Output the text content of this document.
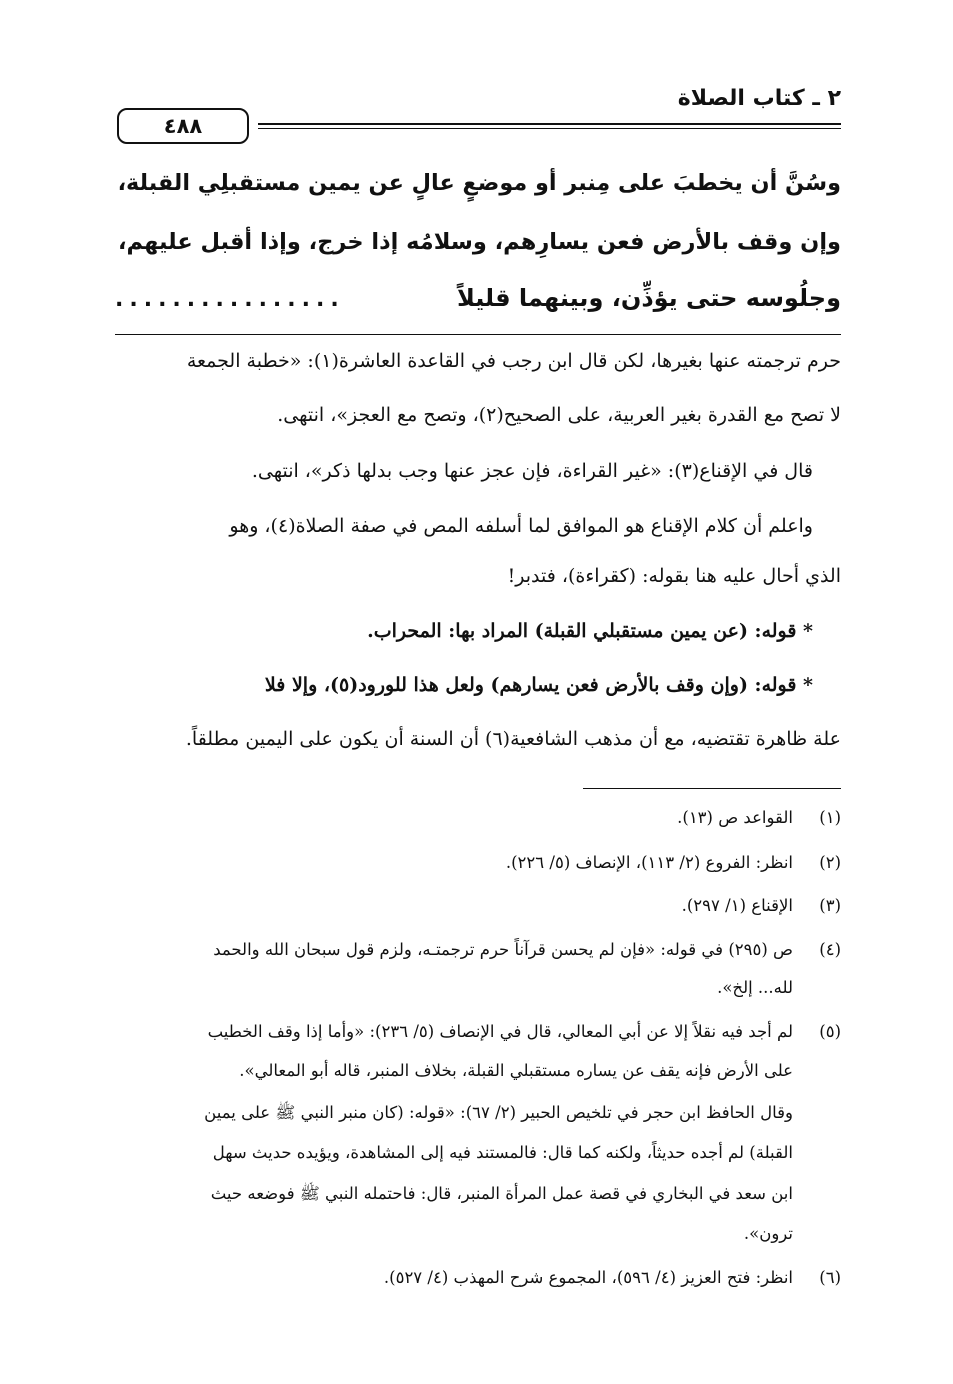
٢ ـ كتاب الصلاة
٤٨٨
وسُنَّ أن يخطبَ على مِنبر أو موضعٍ عالٍ عن يمين مستقبلِي القبلة،
وإن وقف بالأرض فعن يسارِهم، وسلامُه إذا خرج، وإذا أقبل عليهم،
وجلُوسه حتى يؤذِّن، وبينهما قليلاً
................
حرم ترجمته عنها بغيرها، لكن قال ابن رجب في القاعدة العاشرة(١): «خطبة الجمعة
لا تصح مع القدرة بغير العربية، على الصحيح(٢)، وتصح مع العجز»، انتهى.
قال في الإقناع(٣): «غير القراءة، فإن عجز عنها وجب بدلها ذكر»، انتهى.
واعلم أن كلام الإقناع هو الموافق لما أسلفه المص في صفة الصلاة(٤)، وهو
الذي أحال عليه هنا بقوله: (كقراءة)، فتدبر!
* قوله: (عن يمين مستقبلي القبلة) المراد بها: المحراب.
* قوله: (وإن وقف بالأرض فعن يسارهم) ولعل هذا للورود(٥)، وإلا فلا
علة ظاهرة تقتضيه، مع أن مذهب الشافعية(٦) أن السنة أن يكون على اليمين مطلقاً.
(١)
القواعد ص (١٣).
(٢)
انظر: الفروع (٢/ ١١٣)، الإنصاف (٥/ ٢٢٦).
(٣)
الإقناع (١/ ٢٩٧).
(٤)
ص (٢٩٥) في قوله: «فإن لم يحسن قرآناً حرم ترجمتـه، ولزم قول سبحان الله والحمد
لله... إلخ».
(٥)
لم أجد فيه نقلاً إلا عن أبي المعالي، قال في الإنصاف (٥/ ٢٣٦): «وأما إذا وقف الخطيب
على الأرض فإنه يقف عن يساره مستقبلي القبلة، بخلاف المنبر، قاله أبو المعالي».
وقال الحافظ ابن حجر في تلخيص الحبير (٢/ ٦٧): «قوله: (كان منبر النبي ﷺ على يمين
القبلة) لم أجده حديثاً، ولكنه كما قال: فالمستند فيه إلى المشاهدة، ويؤيده حديث سهل
ابن سعد في البخاري في قصة عمل المرأة المنبر، قال: فاحتمله النبي ﷺ فوضعه حيث
ترون».
(٦)
انظر: فتح العزيز (٤/ ٥٩٦)، المجموع شرح المهذب (٤/ ٥٢٧).
